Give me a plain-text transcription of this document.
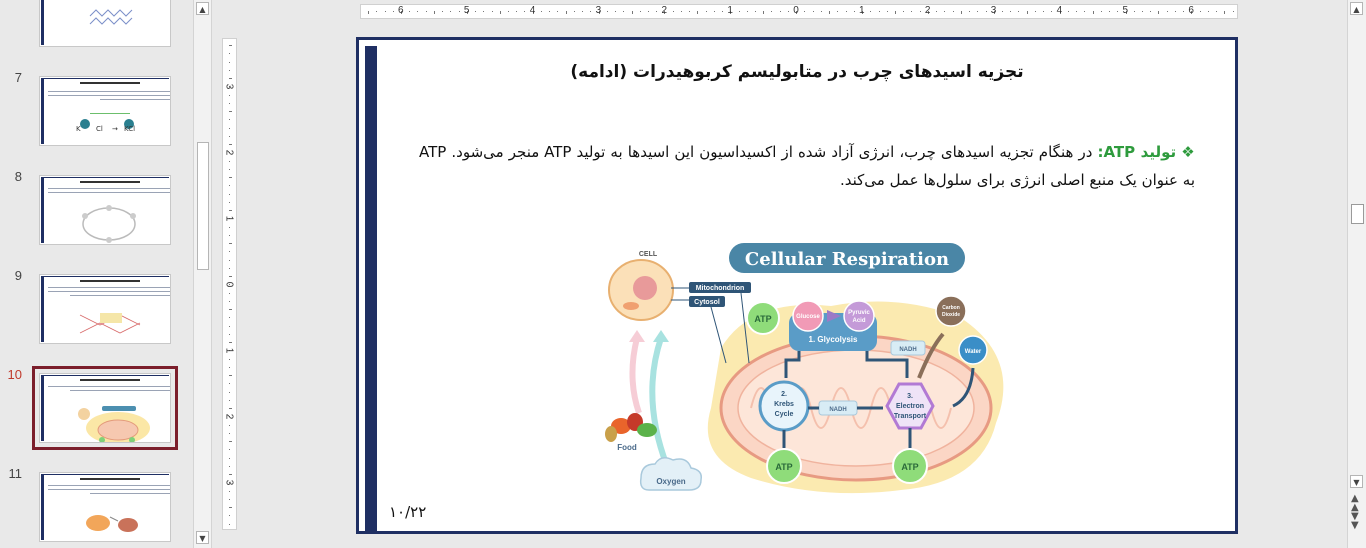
7
K Cl → KCl
8
9
10
11
▲
▼
6	5	4	3	2	1	0	1	2	3	4	5	6
3
2
1
0
1
2
3
▲
▼
▲
▲
▼
▼
تجزیه اسیدهای چرب در متابولیسم کربوهیدرات (ادامه)
❖ تولید ATP: در هنگام تجزیه اسیدهای چرب، انرژی آزاد شده از اکسیداسیون این اسیدها به تولید ATP منجر می‌شود. ATP به عنوان یک منبع اصلی انرژی برای سلول‌ها عمل می‌کند.
Cellular Respiration
CELL
Mitochondrion
Cytosol
Food
Oxygen
Glucose
Pyruvic
Acid
1. Glycolysis
ATP
NADH
Carbon
Dioxide
Water
2.
Krebs
Cycle
NADH
3.
Electron
Transport
ATP	ATP
۱۰/۲۲
